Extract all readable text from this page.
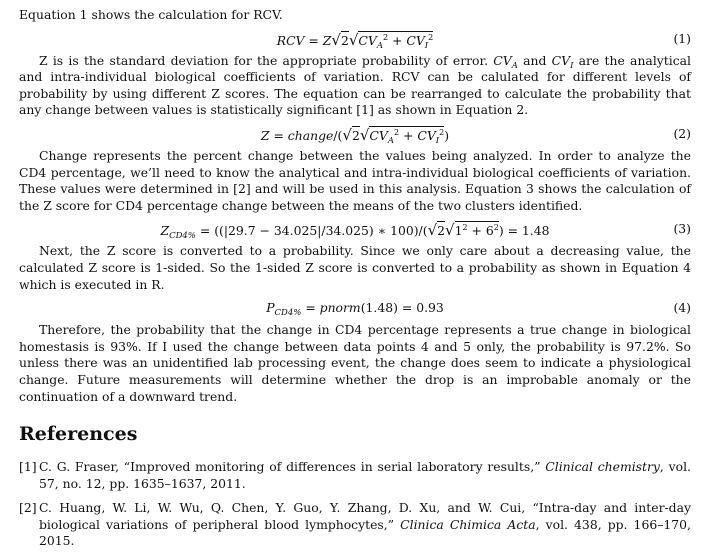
Equation 1 shows the calculation for RCV.

RCV = $Z√2√CV_A^2 + CV_I^2$	(1)

Z is is the standard deviation for the appropriate probability of error. $CV_A$ and $CV_I$ are the analytical and intra-individual biological coefficients of variation. RCV can be calulated for different levels of probability by using different Z scores. The equation can be rearranged to calculate the probability that any change between values is statistically significant [1] as shown in Equation 2.

Z = change/$(√2√CV_A^2 + CV_I^2)$	(2)

Change represents the percent change between the values being analyzed. In order to analyze the CD4 percentage, we’ll need to know the analytical and intra-individual biological coefficients of variation. These values were determined in [2] and will be used in this analysis. Equation 3 shows the calculation of the Z score for CD4 percentage change between the means of the two clusters identified.

$Z_{CD4\%} = ((|29.7 - 34.025|/34.025)$ ∗ $100)/(√2√1^2 + 6^2) = 1.48$	(3)

Next, the Z score is converted to a probability. Since we only care about a decreasing value, the calculated Z score is 1-sided. So the 1-sided Z score is converted to a probability as shown in Equation 4 which is executed in R.

$P_{CD4\%}$ = pnorm(1.48) = 0.93	(4)

Therefore, the probability that the change in CD4 percentage represents a true change in biological homestasis is 93%. If I used the change between data points 4 and 5 only, the probability is 97.2%. So unless there was an unidentified lab processing event, the change does seem to indicate a physiological change. Future measurements will determine whether the drop is an improbable anomaly or the continuation of a downward trend.

References
[1] C. G. Fraser, “Improved monitoring of differences in serial laboratory results,” Clinical chemistry, vol. 57, no. 12, pp. 1635–1637, 2011.
[2] C. Huang, W. Li, W. Wu, Q. Chen, Y. Guo, Y. Zhang, D. Xu, and W. Cui, “Intra-day and inter-day biological variations of peripheral blood lymphocytes,” Clinica Chimica Acta, vol. 438, pp. 166–170, 2015.
